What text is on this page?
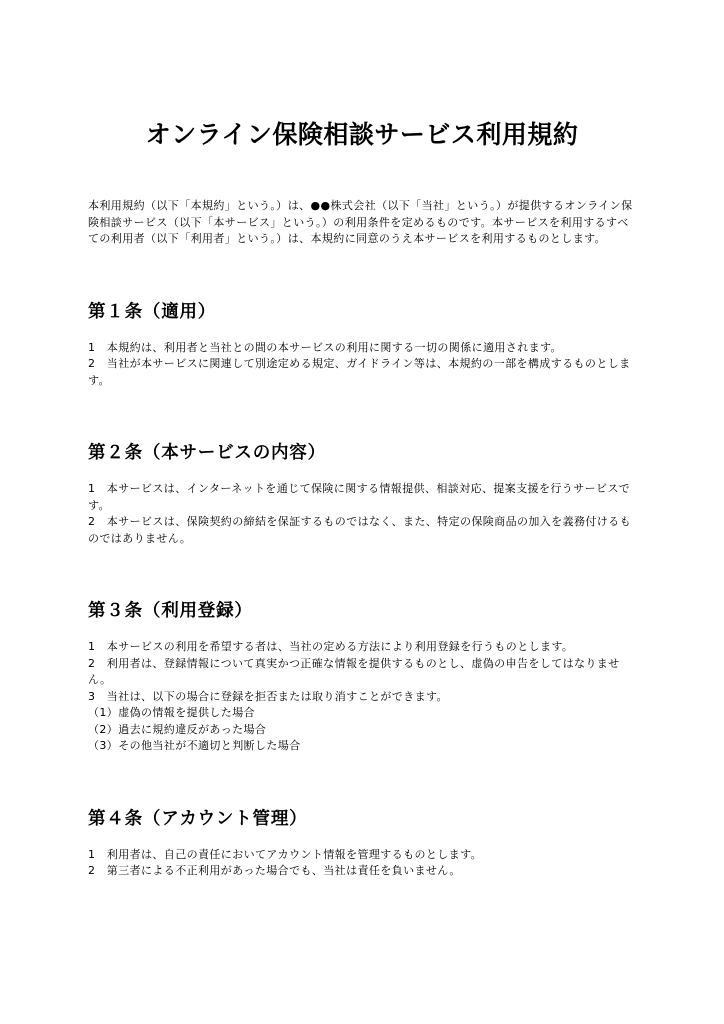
オンライン保険相談サービス利用規約

本利用規約（以下「本規約」という。）は、●●株式会社（以下「当社」という。）が提供するオンライン保険相談サービス（以下「本サービス」という。）の利用条件を定めるものです。本サービスを利用するすべての利用者（以下「利用者」という。）は、本規約に同意のうえ本サービスを利用するものとします。

第１条（適用）

1　本規約は、利用者と当社との間の本サービスの利用に関する一切の関係に適用されます。

2　当社が本サービスに関連して別途定める規定、ガイドライン等は、本規約の一部を構成するものとします。

第２条（本サービスの内容）

1　本サービスは、インターネットを通じて保険に関する情報提供、相談対応、提案支援を行うサービスです。

2　本サービスは、保険契約の締結を保証するものではなく、また、特定の保険商品の加入を義務付けるものではありません。

第３条（利用登録）

1　本サービスの利用を希望する者は、当社の定める方法により利用登録を行うものとします。

2　利用者は、登録情報について真実かつ正確な情報を提供するものとし、虚偽の申告をしてはなりません。

3　当社は、以下の場合に登録を拒否または取り消すことができます。

（1）虚偽の情報を提供した場合

（2）過去に規約違反があった場合

（3）その他当社が不適切と判断した場合

第４条（アカウント管理）

1　利用者は、自己の責任においてアカウント情報を管理するものとします。

2　第三者による不正利用があった場合でも、当社は責任を負いません。
